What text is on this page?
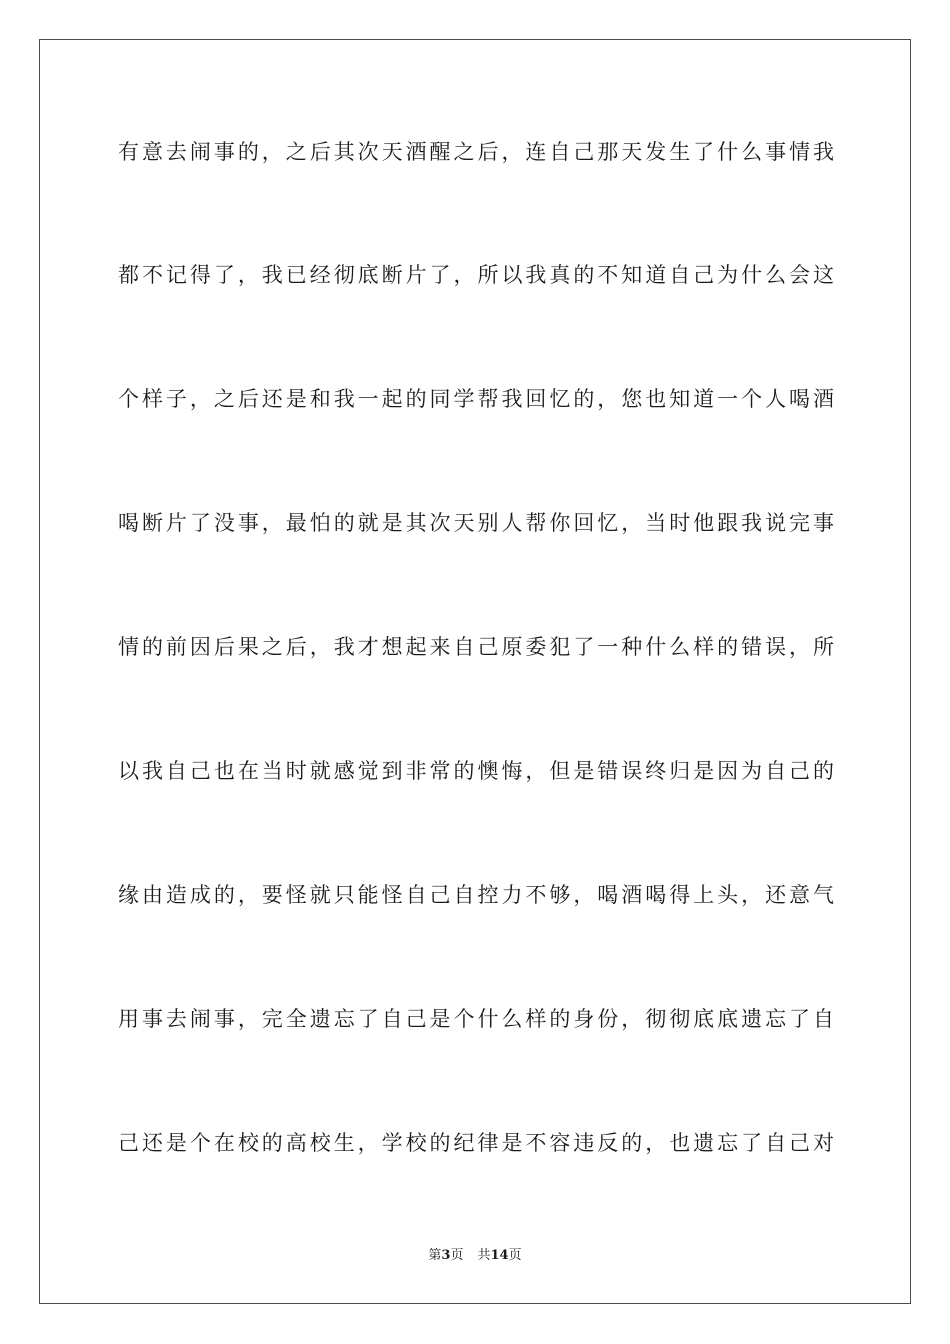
有意去闹事的，之后其次天酒醒之后，连自己那天发生了什么事情我
都不记得了，我已经彻底断片了，所以我真的不知道自己为什么会这
个样子，之后还是和我一起的同学帮我回忆的，您也知道一个人喝酒
喝断片了没事，最怕的就是其次天别人帮你回忆，当时他跟我说完事
情的前因后果之后，我才想起来自己原委犯了一种什么样的错误，所
以我自己也在当时就感觉到非常的懊悔，但是错误终归是因为自己的
缘由造成的，要怪就只能怪自己自控力不够，喝酒喝得上头，还意气
用事去闹事，完全遗忘了自己是个什么样的身份，彻彻底底遗忘了自
己还是个在校的高校生，学校的纪律是不容违反的，也遗忘了自己对
第3页 共14页
